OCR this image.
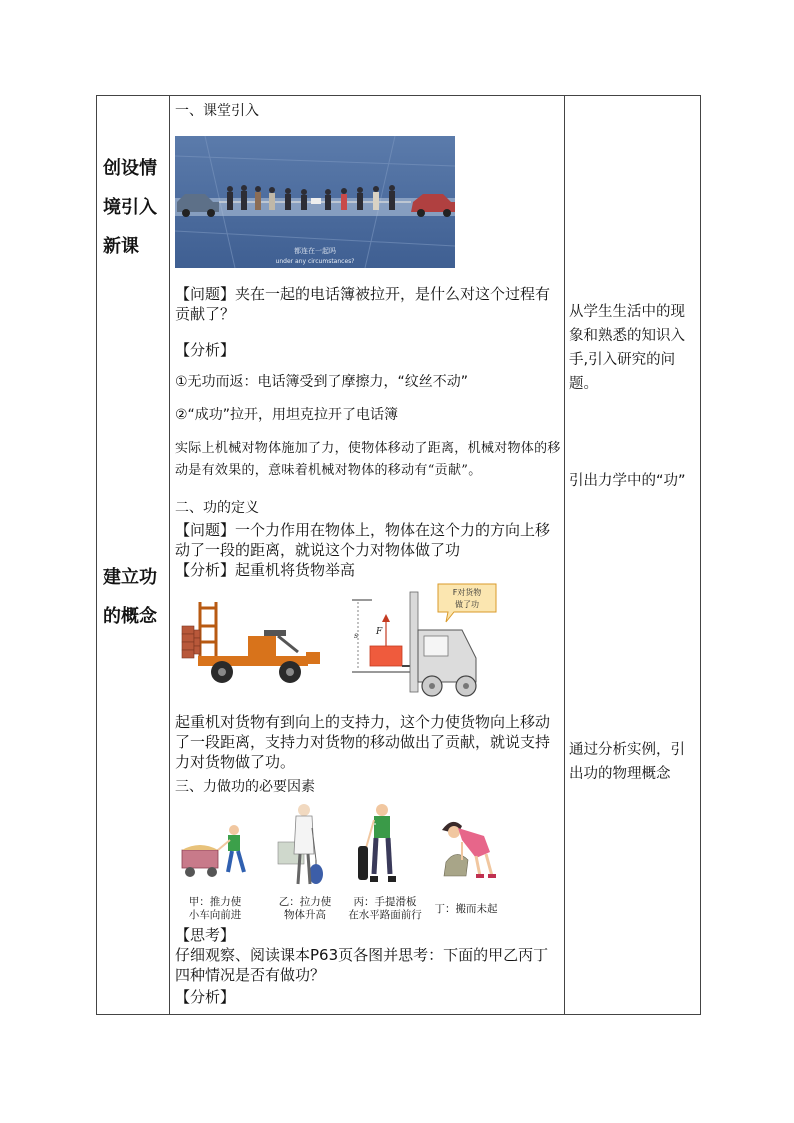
创设情
境引入
新课
建立功
的概念
一、课堂引入
都连在一起吗
under any circumstances?
【问题】夹在一起的电话簿被拉开，是什么对这个过程有贡献了？
【分析】
①无功而返：电话簿受到了摩擦力，“纹丝不动”
②“成功”拉开，用坦克拉开了电话簿
实际上机械对物体施加了力，使物体移动了距离，机械对物体的移动是有效果的，意味着机械对物体的移动有“贡献”。
二、功的定义
【问题】一个力作用在物体上，物体在这个力的方向上移动了一段的距离，就说这个力对物体做了功
【分析】起重机将货物举高
s F
F对货物
做了功
起重机对货物有到向上的支持力，这个力使货物向上移动了一段距离，支持力对货物的移动做出了贡献，就说支持力对货物做了功。
三、力做功的必要因素
甲：推力使
小车向前进
乙：拉力使
物体升高
丙：手提滑板
在水平路面前行	丁：搬而未起
【思考】
仔细观察、阅读课本P63页各图并思考：下面的甲乙丙丁四种情况是否有做功？
【分析】
从学生生活中的现象和熟悉的知识入手,引入研究的问题。
引出力学中的“功”
通过分析实例，引出功的物理概念
